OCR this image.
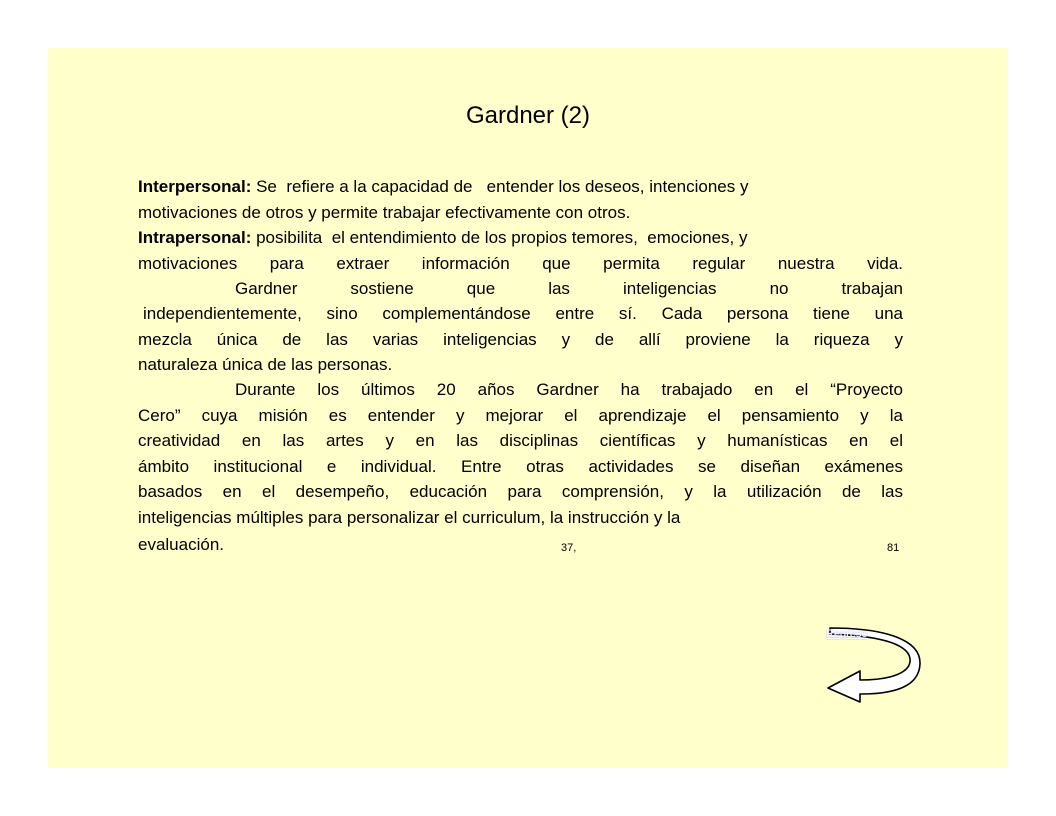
Gardner (2)
Interpersonal: Se  refiere a la capacidad de   entender los deseos, intenciones y
motivaciones de otros y permite trabajar efectivamente con otros.
Intrapersonal: posibilita  el entendimiento de los propios temores,  emociones, y
motivaciones para extraer información que permita regular nuestra vida.
Gardner sostiene que las inteligencias no trabajan
independientemente, sino complementándose entre sí. Cada persona tiene una
mezcla única de las varias inteligencias y de allí proviene la riqueza y
naturaleza única de las personas.
Durante los últimos 20 años Gardner ha trabajado en el “Proyecto
Cero” cuya misión es entender y mejorar el aprendizaje el pensamiento y la
creatividad en las artes y en las disciplinas científicas y humanísticas en el
ámbito institucional e individual. Entre otras actividades se diseñan exámenes
basados en el desempeño, educación para comprensión, y la utilización de las
inteligencias múltiples para personalizar el curriculum, la instrucción y la
evaluación.	37,	81
Regreso
